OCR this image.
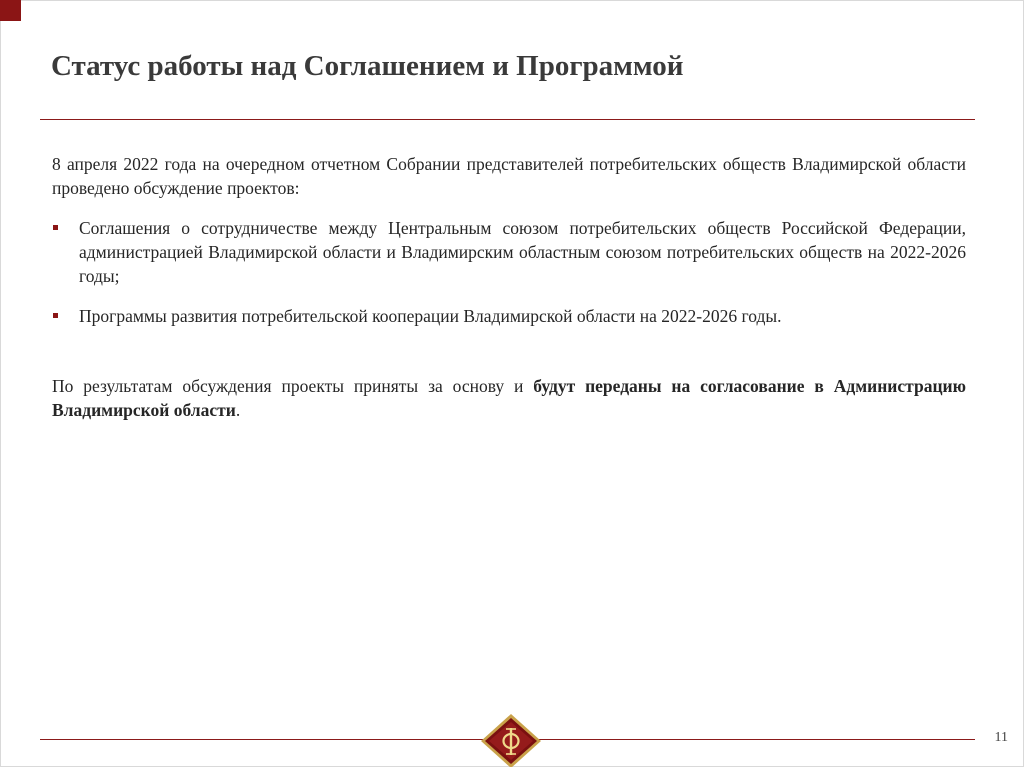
Статус работы над Соглашением и Программой

8 апреля 2022 года на очередном отчетном Собрании представителей потребительских обществ Владимирской области проведено обсуждение проектов:

Соглашения о сотрудничестве между Центральным союзом потребительских обществ Российской Федерации, администрацией Владимирской области и Владимирским областным союзом потребительских обществ на 2022-2026 годы;
Программы развития потребительской кооперации Владимирской области на 2022-2026 годы.

По результатам обсуждения проекты приняты за основу и будут переданы на согласование в Администрацию Владимирской области.

11
